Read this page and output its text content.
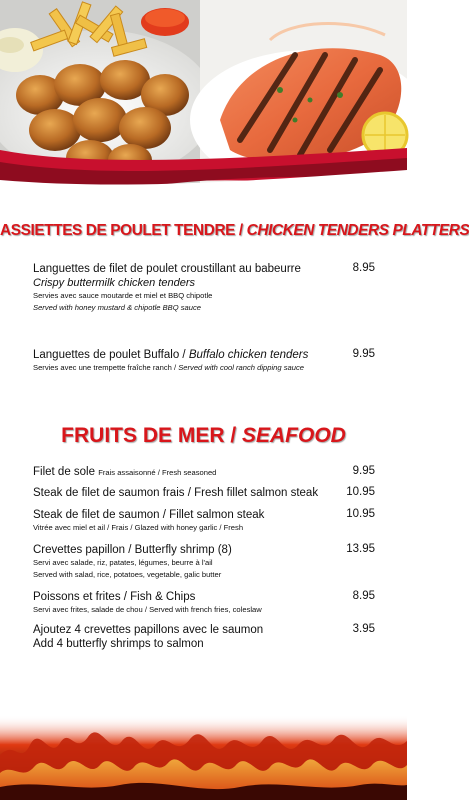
ASSIETTES DE POULET TENDRE / CHICKEN TENDERS PLATTERS
8.95
Languettes de filet de poulet croustillant au babeurre
Crispy buttermilk chicken tenders
Servies avec sauce moutarde et miel et BBQ chipotle
Served with honey mustard & chipotle BBQ sauce
9.95
Languettes de poulet Buffalo / Buffalo chicken tenders
Servies avec une trempette fraîche ranch / Served with cool ranch dipping sauce
FRUITS DE MER / SEAFOOD
9.95
Filet de sole Frais assaisonné / Fresh seasoned
10.95
Steak de filet de saumon frais / Fresh fillet salmon steak
10.95
Steak de filet de saumon / Fillet salmon steak
Vitrée avec miel et ail / Frais / Glazed with honey garlic / Fresh
13.95
Crevettes papillon / Butterfly shrimp (8)
Servi avec salade, riz, patates, légumes, beurre à l'ail
Served with salad, rice, potatoes, vegetable, galic butter
8.95
Poissons et frites / Fish & Chips
Servi avec frites, salade de chou / Served with french fries, coleslaw
3.95
Ajoutez 4 crevettes papillons avec le saumon
Add 4 butterfly shrimps to salmon
